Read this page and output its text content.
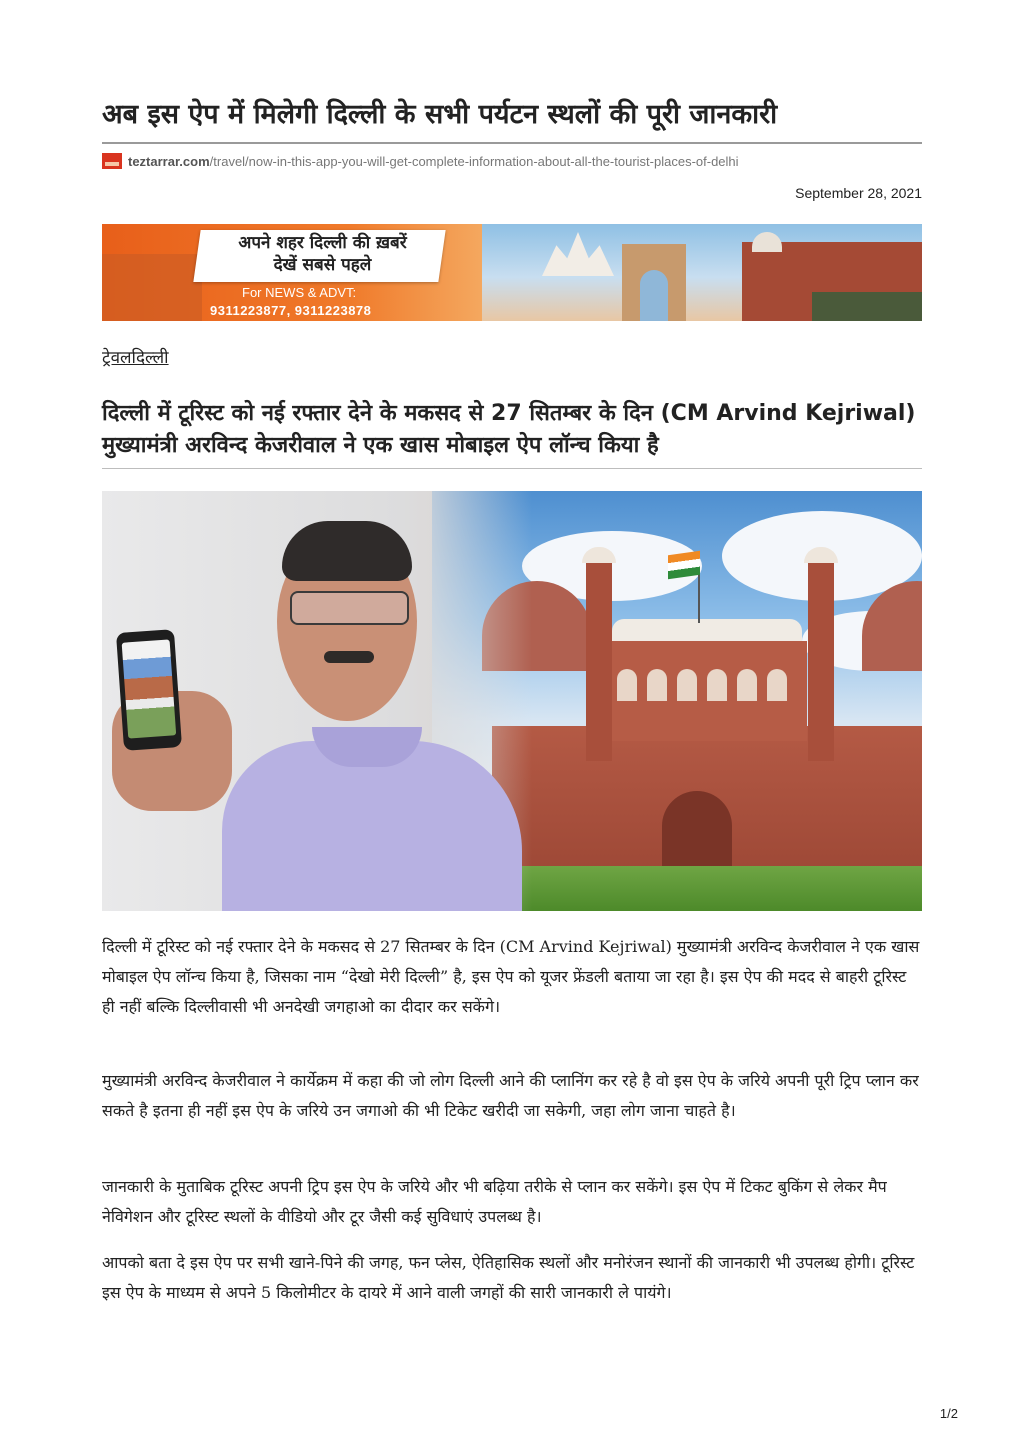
अब इस ऐप में मिलेगी दिल्ली के सभी पर्यटन स्थलों की पूरी जानकारी
teztarrar.com /travel/now-in-this-app-you-will-get-complete-information-about-all-the-tourist-places-of-delhi
September 28, 2021
अपने शहर दिल्ली की ख़बरें
देखें सबसे पहले
For NEWS & ADVT:
9311223877, 9311223878
ट्रेवलदिल्ली
दिल्ली में टूरिस्ट को नई रफ्तार देने के मकसद से 27 सितम्बर के दिन (CM Arvind Kejriwal) मुख्यामंत्री अरविन्द केजरीवाल ने एक खास मोबाइल ऐप लॉन्च किया है

दिल्ली में टूरिस्ट को नई रफ्तार देने के मकसद से 27 सितम्बर के दिन (CM Arvind Kejriwal) मुख्यामंत्री अरविन्द केजरीवाल ने एक खास मोबाइल ऐप लॉन्च किया है, जिसका नाम “देखो मेरी दिल्ली” है, इस ऐप को यूजर फ्रेंडली बताया जा रहा है। इस ऐप की मदद से बाहरी टूरिस्ट ही नहीं बल्कि दिल्लीवासी भी अनदेखी जगहाओ का दीदार कर सकेंगे।

मुख्यामंत्री अरविन्द केजरीवाल ने कार्येक्रम में कहा की जो लोग दिल्ली आने की प्लानिंग कर रहे है वो इस ऐप के जरिये अपनी पूरी ट्रिप प्लान कर सकते है इतना ही नहीं इस ऐप के जरिये उन जगाओ की भी टिकेट खरीदी जा सकेगी, जहा लोग जाना चाहते है।

जानकारी के मुताबिक टूरिस्ट अपनी ट्रिप इस ऐप के जरिये और भी बढ़िया तरीके से प्लान कर सकेंगे। इस ऐप में टिकट बुकिंग से लेकर मैप नेविगेशन और टूरिस्ट स्थलों के वीडियो और टूर जैसी कई सुविधाएं उपलब्ध है।

आपको बता दे इस ऐप पर सभी खाने-पिने की जगह, फन प्लेस, ऐतिहासिक स्थलों और मनोरंजन स्थानों की जानकारी भी उपलब्ध होगी। टूरिस्ट इस ऐप के माध्यम से अपने 5 किलोमीटर के दायरे में आने वाली जगहों की सारी जानकारी ले पायंगे।

1/2
